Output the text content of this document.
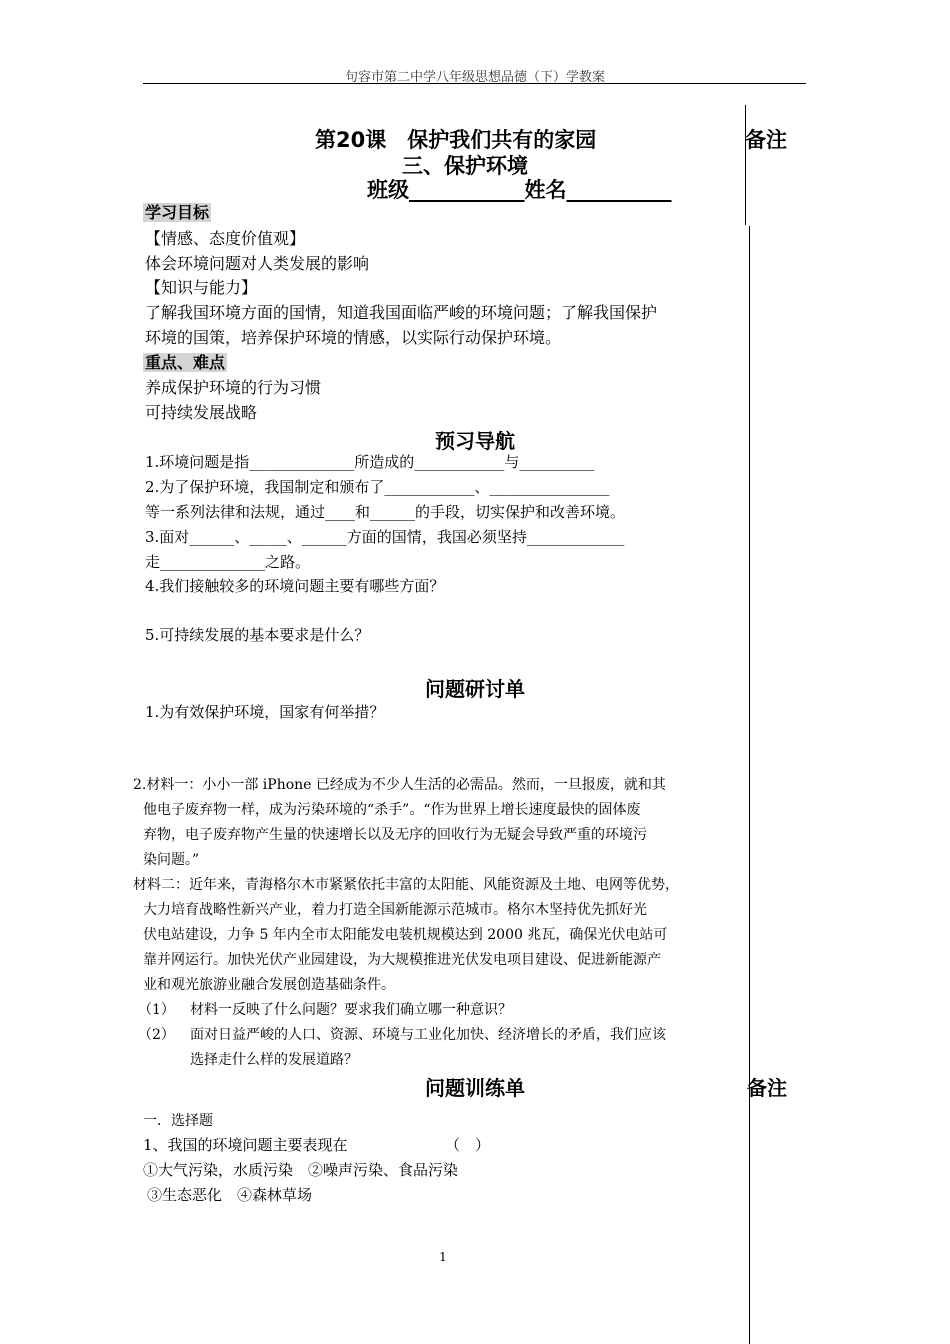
句容市第二中学八年级思想品德（下）学教案
第20课　保护我们共有的家园	备注
三、保护环境
班级___________姓名__________
学习目标
【情感、态度价值观】
体会环境问题对人类发展的影响
【知识与能力】
了解我国环境方面的国情，知道我国面临严峻的环境问题；了解我国保护
环境的国策，培养保护环境的情感，以实际行动保护环境。
重点、难点
养成保护环境的行为习惯
可持续发展战略
预习导航
1.环境问题是指______________所造成的____________与__________
2.为了保护环境，我国制定和颁布了____________、________________
等一系列法律和法规，通过____和______的手段，切实保护和改善环境。
3.面对______、_____、______方面的国情，我国必须坚持_____________
走______________之路。
4.我们接触较多的环境问题主要有哪些方面？
5.可持续发展的基本要求是什么？
问题研讨单
1.为有效保护环境，国家有何举措？
2.材料一：小小一部 iPhone 已经成为不少人生活的必需品。然而，一旦报废，就和其
他电子废弃物一样，成为污染环境的“杀手”。“作为世界上增长速度最快的固体废
弃物，电子废弃物产生量的快速增长以及无序的回收行为无疑会导致严重的环境污
染问题。”
材料二：近年来，青海格尔木市紧紧依托丰富的太阳能、风能资源及土地、电网等优势，
大力培育战略性新兴产业，着力打造全国新能源示范城市。格尔木坚持优先抓好光
伏电站建设，力争 5 年内全市太阳能发电装机规模达到 2000 兆瓦，确保光伏电站可
靠并网运行。加快光伏产业园建设，为大规模推进光伏发电项目建设、促进新能源产
业和观光旅游业融合发展创造基础条件。
（1） 材料一反映了什么问题？要求我们确立哪一种意识？
（2） 面对日益严峻的人口、资源、环境与工业化加快、经济增长的矛盾，我们应该
选择走什么样的发展道路？
问题训练单	备注
一．选择题
1、我国的环境问题主要表现在　　　　　　　（　）
①大气污染，水质污染　②噪声污染、食品污染
③生态恶化　④森林草场
1
